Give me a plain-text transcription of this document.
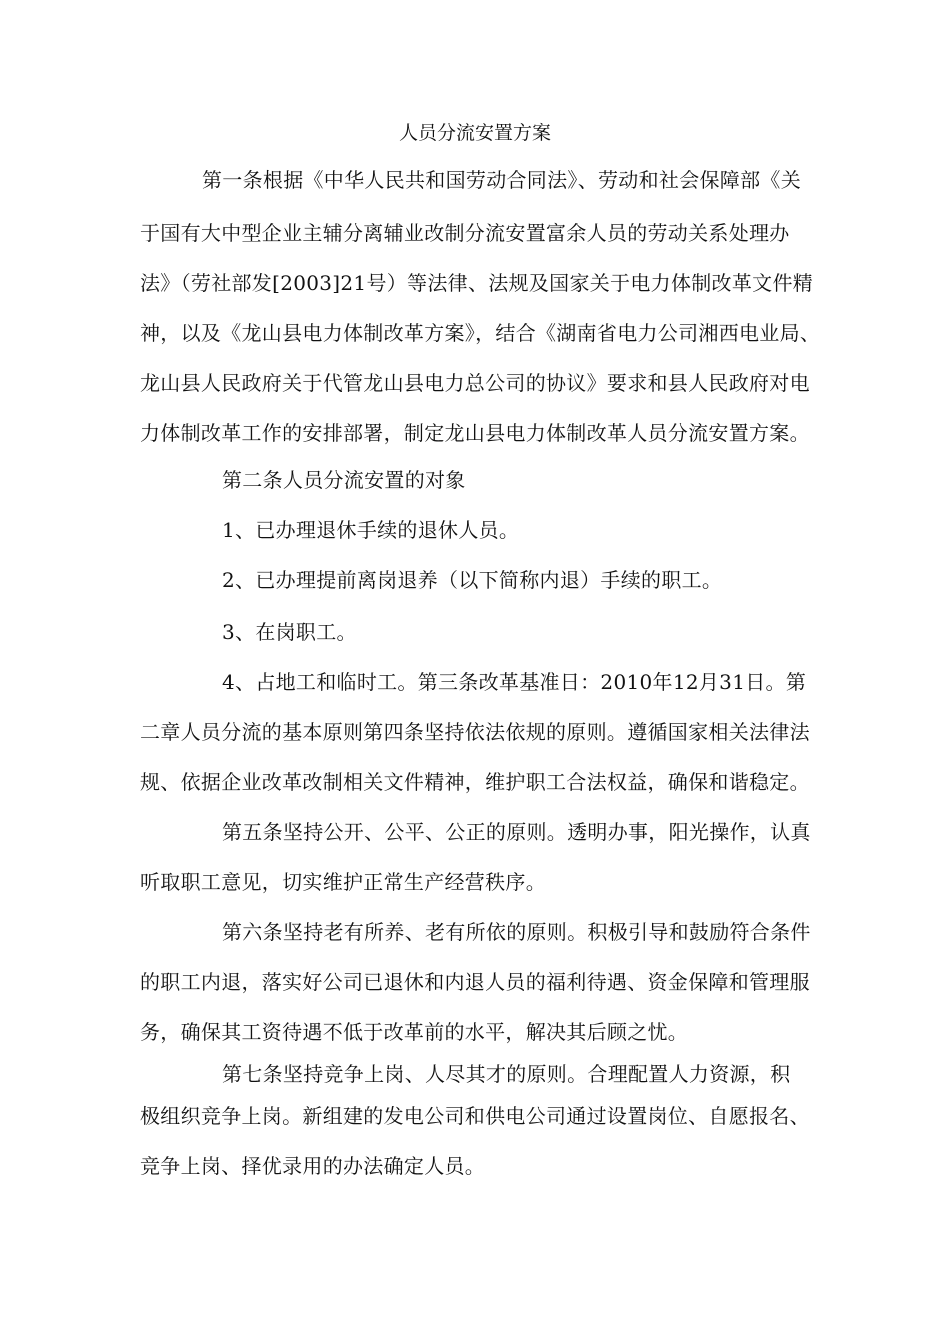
人员分流安置方案
第一条根据《中华人民共和国劳动合同法》、劳动和社会保障部《关
于国有大中型企业主辅分离辅业改制分流安置富余人员的劳动关系处理办
法》（劳社部发[2003]21号）等法律、法规及国家关于电力体制改革文件精
神，以及《龙山县电力体制改革方案》，结合《湖南省电力公司湘西电业局、
龙山县人民政府关于代管龙山县电力总公司的协议》要求和县人民政府对电
力体制改革工作的安排部署，制定龙山县电力体制改革人员分流安置方案。
第二条人员分流安置的对象
1、已办理退休手续的退休人员。
2、已办理提前离岗退养（以下简称内退）手续的职工。
3、在岗职工。
4、占地工和临时工。第三条改革基准日：2010年12月31日。第
二章人员分流的基本原则第四条坚持依法依规的原则。遵循国家相关法律法
规、依据企业改革改制相关文件精神，维护职工合法权益，确保和谐稳定。
第五条坚持公开、公平、公正的原则。透明办事，阳光操作，认真
听取职工意见，切实维护正常生产经营秩序。
第六条坚持老有所养、老有所依的原则。积极引导和鼓励符合条件
的职工内退，落实好公司已退休和内退人员的福利待遇、资金保障和管理服
务，确保其工资待遇不低于改革前的水平，解决其后顾之忧。
第七条坚持竞争上岗、人尽其才的原则。合理配置人力资源，积
极组织竞争上岗。新组建的发电公司和供电公司通过设置岗位、自愿报名、
竞争上岗、择优录用的办法确定人员。
